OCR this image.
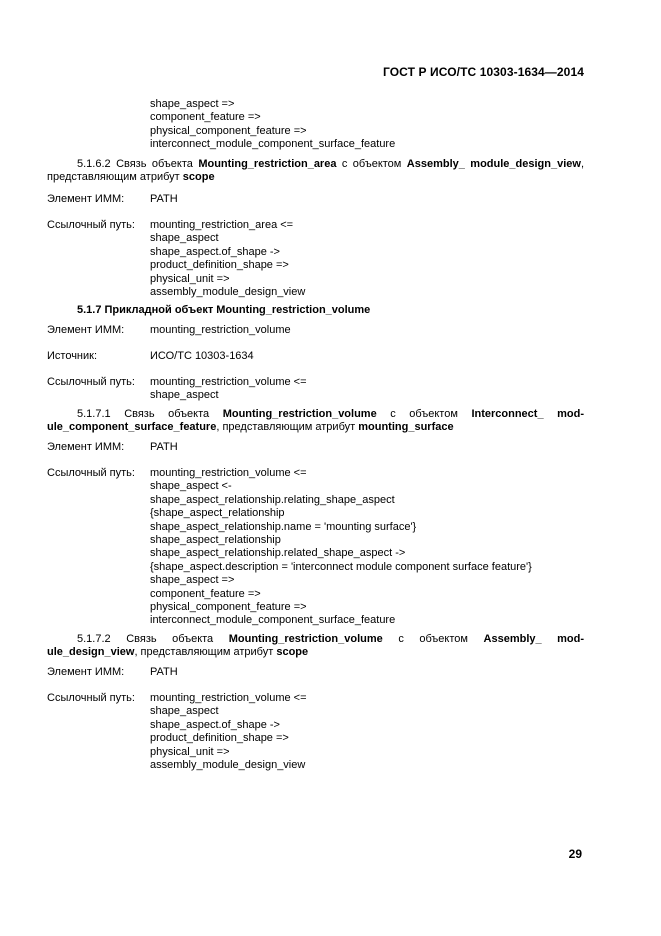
ГОСТ Р ИСО/ТС 10303-1634—2014
shape_aspect =>
component_feature =>
physical_component_feature =>
interconnect_module_component_surface_feature
5.1.6.2 Связь объекта Mounting_restriction_area с объектом Assembly_ module_design_view,
представляющим атрибут scope
Элемент ИММ: PATH
Ссылочный путь: mounting_restriction_area <=
shape_aspect
shape_aspect.of_shape ->
product_definition_shape =>
physical_unit =>
assembly_module_design_view
5.1.7 Прикладной объект Mounting_restriction_volume
Элемент ИММ: mounting_restriction_volume
Источник:	ИСО/ТС 10303-1634
Ссылочный путь: mounting_restriction_volume <=
shape_aspect
5.1.7.1 Связь объекта Mounting_restriction_volume с объектом Interconnect_ mod-
ule_component_surface_feature, представляющим атрибут mounting_surface
Элемент ИММ: PATH
Ссылочный путь: mounting_restriction_volume <=
shape_aspect <-
shape_aspect_relationship.relating_shape_aspect
{shape_aspect_relationship
shape_aspect_relationship.name = 'mounting surface'}
shape_aspect_relationship
shape_aspect_relationship.related_shape_aspect ->
{shape_aspect.description = 'interconnect module component surface feature'}
shape_aspect =>
component_feature =>
physical_component_feature =>
interconnect_module_component_surface_feature
5.1.7.2 Связь объекта Mounting_restriction_volume с объектом Assembly_ mod-
ule_design_view, представляющим атрибут scope
Элемент ИММ: PATH
Ссылочный путь: mounting_restriction_volume <=
shape_aspect
shape_aspect.of_shape ->
product_definition_shape =>
physical_unit =>
assembly_module_design_view
29
